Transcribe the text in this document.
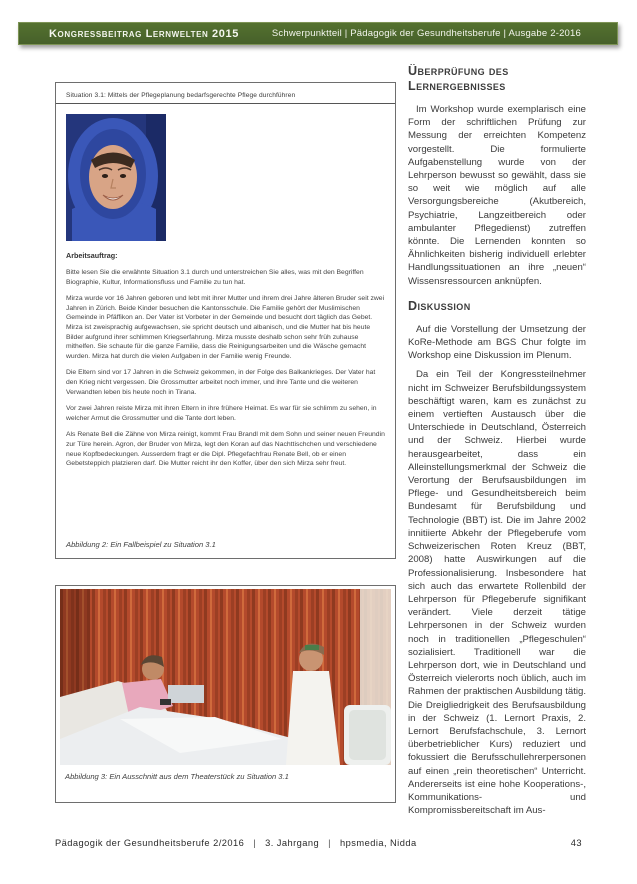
Kongressbeitrag Lernwelten 2015	Schwerpunktteil | Pädagogik der Gesundheitsberufe | Ausgabe 2-2016
Situation 3.1: Mittels der Pflegeplanung bedarfsgerechte Pflege durchführen
Arbeitsauftrag:

Bitte lesen Sie die erwähnte Situation 3.1 durch und unterstreichen Sie alles, was mit den Begriffen Biographie, Kultur, Informationsfluss und Familie zu tun hat.

Mirza wurde vor 16 Jahren geboren und lebt mit ihrer Mutter und ihrem drei Jahre älteren Bruder seit zwei Jahren in Zürich. Beide Kinder besuchen die Kantonsschule. Die Familie gehört der Muslimischen Gemeinde in Pfäffikon an. Der Vater ist Vorbeter in der Gemeinde und besucht dort täglich das Gebet. Mirza ist zweisprachig aufgewachsen, sie spricht deutsch und albanisch, und die Mutter hat bis heute Bilder aufgrund ihrer schlimmen Kriegserfahrung. Mirza musste deshalb schon sehr früh zuhause mithelfen. Sie schaute für die ganze Familie, dass die Reinigungsarbeiten und die Wäsche gemacht wurden. Mirza hat durch die vielen Aufgaben in der Familie wenig Freunde.

Die Eltern sind vor 17 Jahren in die Schweiz gekommen, in der Folge des Balkankrieges. Der Vater hat den Krieg nicht vergessen. Die Grossmutter arbeitet noch immer, und ihre Tante und die weiteren Verwandten leben bis heute noch in Tirana.

Vor zwei Jahren reiste Mirza mit ihren Eltern in ihre frühere Heimat. Es war für sie schlimm zu sehen, in welcher Armut die Grossmutter und die Tante dort leben.

Als Renate Bell die Zähne von Mirza reinigt, kommt Frau Brandl mit dem Sohn und seiner neuen Freundin zur Türe herein. Agron, der Bruder von Mirza, legt den Koran auf das Nachttischchen und verschiedene neue Kopfbedeckungen. Ausserdem fragt er die Dipl. Pflegefachfrau Renate Bell, ob er einen Gebetsteppich platzieren darf. Die Mutter reicht ihr den Koffer, über den sich Mirza sehr freut.

Abbildung 2: Ein Fallbeispiel zu Situation 3.1
Abbildung 3: Ein Ausschnitt aus dem Theaterstück zu Situation 3.1
Überprüfung des Lernergebnisses

Im Workshop wurde exemplarisch eine Form der schriftlichen Prüfung zur Messung der erreichten Kompetenz vorgestellt. Die formulierte Aufgabenstellung wurde von der Lehrperson bewusst so gewählt, dass sie so weit wie möglich auf alle Versorgungsbereiche (Akutbereich, Psychiatrie, Langzeitbereich oder ambulanter Pflegedienst) zutreffen könnte. Die Lernenden konnten so Ähnlichkeiten bisherig individuell erlebter Handlungssituationen an ihre „neuen“ Wissensressourcen anknüpfen.

Diskussion

Auf die Vorstellung der Umsetzung der KoRe-Methode am BGS Chur folgte im Workshop eine Diskussion im Plenum.

Da ein Teil der Kongressteilnehmer nicht im Schweizer Berufsbildungssystem beschäftigt waren, kam es zunächst zu einem vertieften Austausch über die Unterschiede in Deutschland, Österreich und der Schweiz. Hierbei wurde herausgearbeitet, dass ein Alleinstellungsmerkmal der Schweiz die Verortung der Berufsausbildungen im Pflege- und Gesundheitsbereich beim Bundesamt für Berufsbildung und Technologie (BBT) ist. Die im Jahre 2002 innitiierte Abkehr der Pflegeberufe vom Schweizerischen Roten Kreuz (BBT, 2008) hatte Auswirkungen auf die Professionalisierung. Insbesondere hat sich auch das erwartete Rollenbild der Lehrperson für Pflegeberufe signifikant verändert. Viele derzeit tätige Lehrpersonen in der Schweiz wurden noch in traditionellen „Pflegeschulen“ sozialisiert. Traditionell war die Lehrperson dort, wie in Deutschland und Österreich vielerorts noch üblich, auch im Rahmen der praktischen Ausbildung tätig. Die Dreigliedrigkeit des Berufsausbildung in der Schweiz (1. Lernort Praxis, 2. Lernort Berufsfachschule, 3. Lernort überbetrieblicher Kurs) reduziert und fokussiert die Berufsschullehrerpersonen auf einen „rein theoretischen“ Unterricht. Andererseits ist eine hohe Kooperations-, Kommunikations- und Kompromissbereitschaft im Aus-

Pädagogik der Gesundheitsberufe 2/2016 | 3. Jahrgang | hpsmedia, Nidda	43
